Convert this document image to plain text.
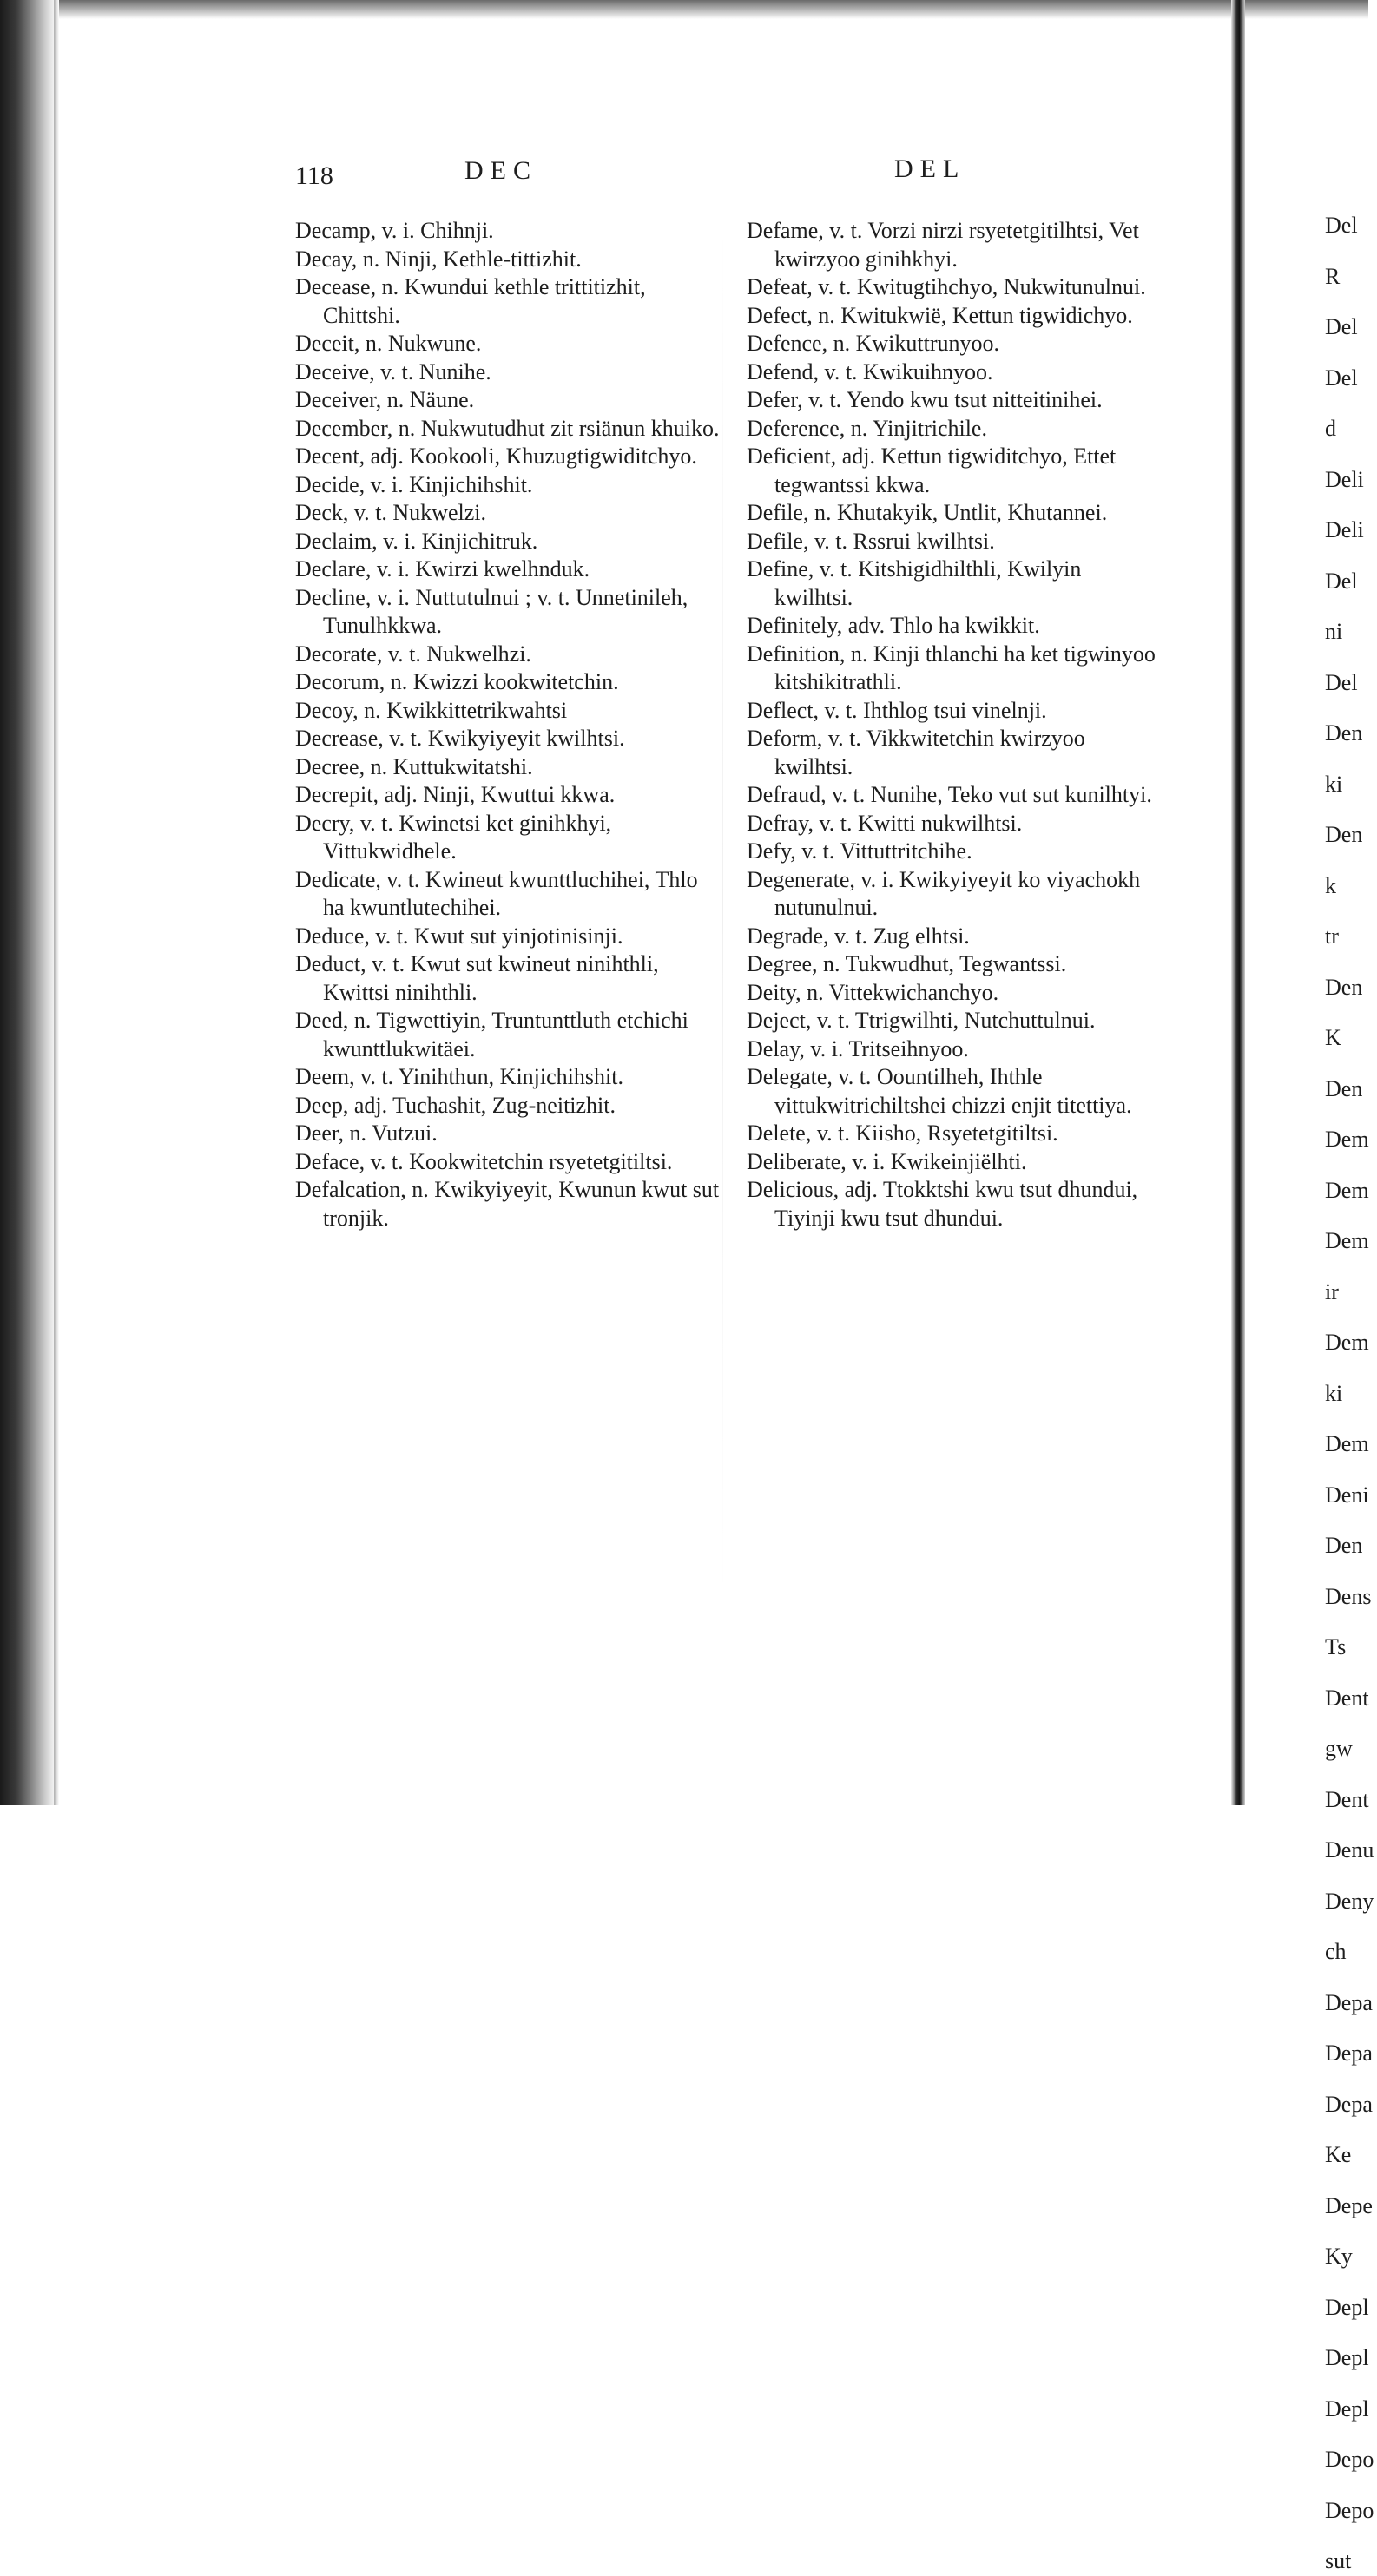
118	DEC	DEL

Decamp, v. i. Chihnji.

Decay, n. Ninji, Kethle-tittizhit.

Decease, n. Kwundui kethle trittitizhit, Chittshi.

Deceit, n. Nukwune.

Deceive, v. t. Nunihe.

Deceiver, n. Näune.

December, n. Nukwutudhut zit rsiänun khuiko.

Decent, adj. Kookooli, Khuzugtigwiditchyo.

Decide, v. i. Kinjichihshit.

Deck, v. t. Nukwelzi.

Declaim, v. i. Kinjichitruk.

Declare, v. i. Kwirzi kwelhnduk.

Decline, v. i. Nuttutulnui ; v. t. Unnetinileh, Tunulhkkwa.

Decorate, v. t. Nukwelhzi.

Decorum, n. Kwizzi kookwitetchin.

Decoy, n. Kwikkittetrikwahtsi

Decrease, v. t. Kwikyiyeyit kwilhtsi.

Decree, n. Kuttukwitatshi.

Decrepit, adj. Ninji, Kwuttui kkwa.

Decry, v. t. Kwinetsi ket ginihkhyi, Vittukwidhele.

Dedicate, v. t. Kwineut kwunttluchihei, Thlo ha kwuntlutechihei.

Deduce, v. t. Kwut sut yinjotinisinji.

Deduct, v. t. Kwut sut kwineut ninihthli, Kwittsi ninihthli.

Deed, n. Tigwettiyin, Truntunttluth etchichi kwunttlukwitäei.

Deem, v. t. Yinihthun, Kinjichihshit.

Deep, adj. Tuchashit, Zug-neitizhit.

Deer, n. Vutzui.

Deface, v. t. Kookwitetchin rsyetetgitiltsi.

Defalcation, n. Kwikyiyeyit, Kwunun kwut sut tronjik.

Defame, v. t. Vorzi nirzi rsyetetgitilhtsi, Vet kwirzyoo ginihkhyi.

Defeat, v. t. Kwitugtihchyo, Nukwitunulnui.

Defect, n. Kwitukwië, Kettun tigwidichyo.

Defence, n. Kwikuttrunyoo.

Defend, v. t. Kwikuihnyoo.

Defer, v. t. Yendo kwu tsut nitteitinihei.

Deference, n. Yinjitrichile.

Deficient, adj. Kettun tigwiditchyo, Ettet tegwantssi kkwa.

Defile, n. Khutakyik, Untlit, Khutannei.

Defile, v. t. Rssrui kwilhtsi.

Define, v. t. Kitshigidhilthli, Kwilyin kwilhtsi.

Definitely, adv. Thlo ha kwikkit.

Definition, n. Kinji thlanchi ha ket tigwinyoo kitshikitrathli.

Deflect, v. t. Ihthlog tsui vinelnji.

Deform, v. t. Vikkwitetchin kwirzyoo kwilhtsi.

Defraud, v. t. Nunihe, Teko vut sut kunilhtyi.

Defray, v. t. Kwitti nukwilhtsi.

Defy, v. t. Vittuttritchihe.

Degenerate, v. i. Kwikyiyeyit ko viyachokh nutunulnui.

Degrade, v. t. Zug elhtsi.

Degree, n. Tukwudhut, Tegwantssi.

Deity, n. Vittekwichanchyo.

Deject, v. t. Ttrigwilhti, Nutchuttulnui.

Delay, v. i. Tritseihnyoo.

Delegate, v. t. Oountilheh, Ihthle vittukwitrichiltshei chizzi enjit titettiya.

Delete, v. t. Kiisho, Rsyetetgitiltsi.

Deliberate, v. i. Kwikeinjiëlhti.

Delicious, adj. Ttokktshi kwu tsut dhundui, Tiyinji kwu tsut dhundui.

Del

R

Del

Del

d

Deli

Deli

Del

ni

Del

Den

ki

Den

k

tr

Den

K

Den

Dem

Dem

Dem

ir

Dem

ki

Dem

Deni

Den

Dens

Ts

Dent

gw

Dent

Denu

Deny

ch

Depa

Depa

Depa

Ke

Depe

Ky

Depl

Depl

Depl

Depo

Depo

sut
